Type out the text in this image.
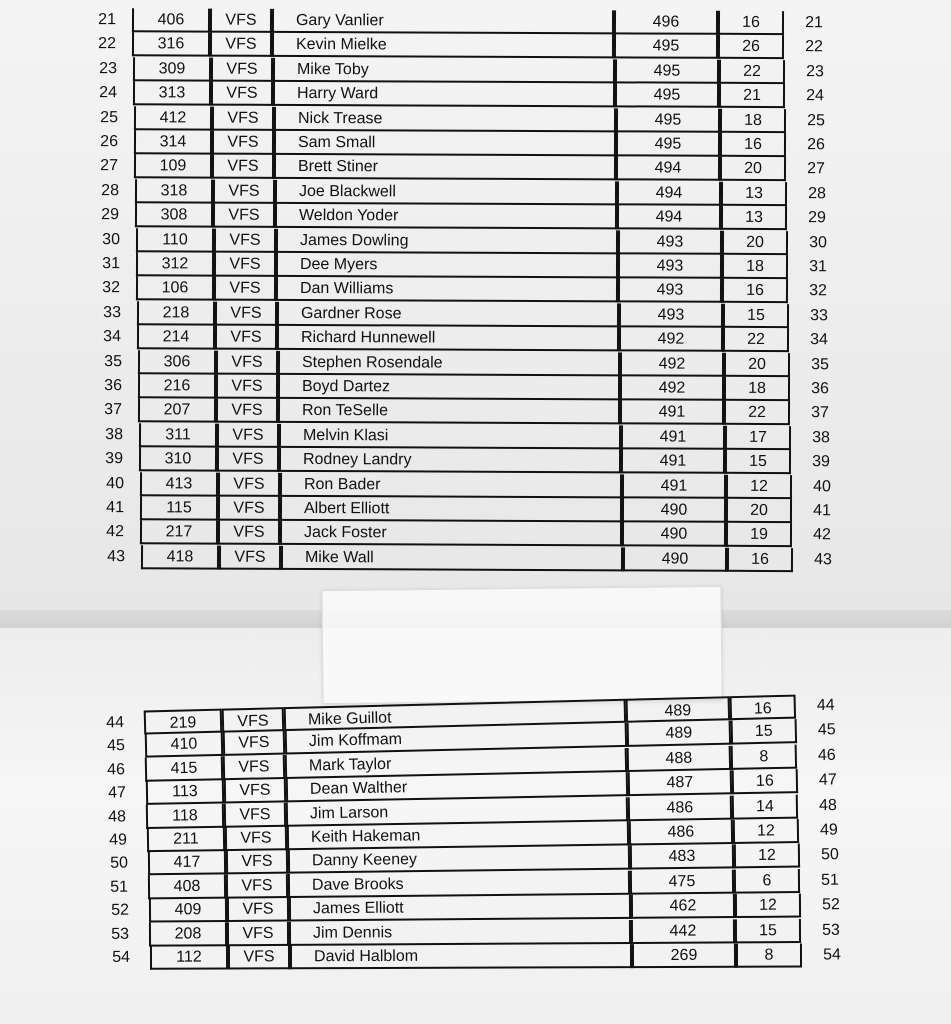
21	406	VFS	Gary Vanlier	496	16	21
22	316	VFS	Kevin Mielke	495	26	22
23	309	VFS	Mike Toby	495	22	23
24	313	VFS	Harry Ward	495	21	24
25	412	VFS	Nick Trease	495	18	25
26	314	VFS	Sam Small	495	16	26
27	109	VFS	Brett Stiner	494	20	27
28	318	VFS	Joe Blackwell	494	13	28
29	308	VFS	Weldon Yoder	494	13	29
30	110	VFS	James Dowling	493	20	30
31	312	VFS	Dee Myers	493	18	31
32	106	VFS	Dan Williams	493	16	32
33	218	VFS	Gardner Rose	493	15	33
34	214	VFS	Richard Hunnewell	492	22	34
35	306	VFS	Stephen Rosendale	492	20	35
36	216	VFS	Boyd Dartez	492	18	36
37	207	VFS	Ron TeSelle	491	22	37
38	311	VFS	Melvin Klasi	491	17	38
39	310	VFS	Rodney Landry	491	15	39
40	413	VFS	Ron Bader	491	12	40
41	115	VFS	Albert Elliott	490	20	41
42	217	VFS	Jack Foster	490	19	42
43	418	VFS	Mike Wall	490	16	43
44	219	VFS	Mike Guillot	489	16	44
45	410	VFS	Jim Koffmam	489	15	45
46	415	VFS	Mark Taylor	488	8	46
47	113	VFS	Dean Walther	487	16	47
48	118	VFS	Jim Larson	486	14	48
49	211	VFS	Keith Hakeman	486	12	49
50	417	VFS	Danny Keeney	483	12	50
51	408	VFS	Dave Brooks	475	6	51
52	409	VFS	James Elliott	462	12	52
53	208	VFS	Jim Dennis	442	15	53
54	112	VFS	David Halblom	269	8	54
